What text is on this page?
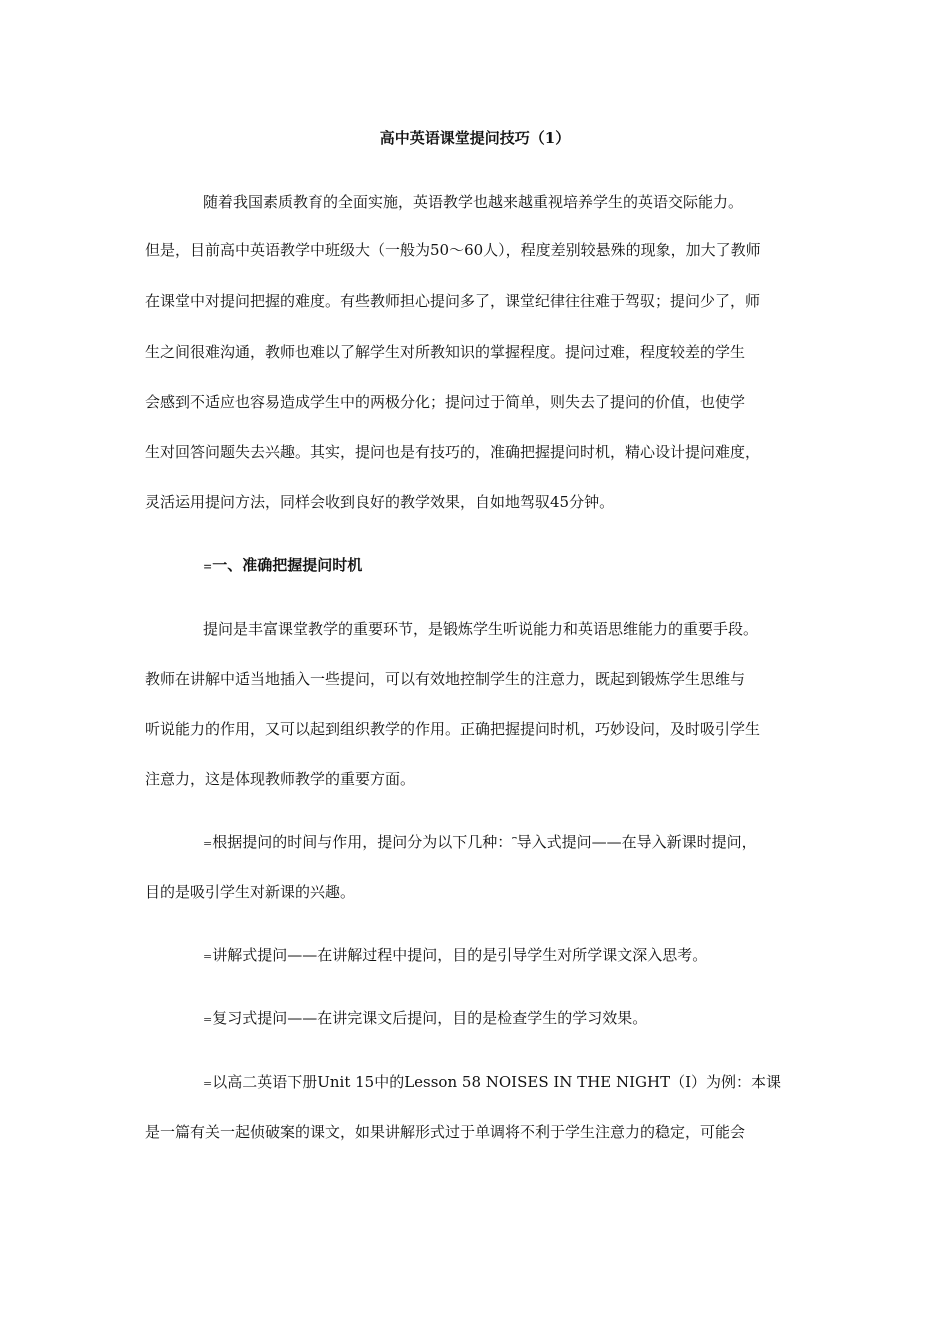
高中英语课堂提问技巧（1）
随着我国素质教育的全面实施，英语教学也越来越重视培养学生的英语交际能力。
但是，目前高中英语教学中班级大（一般为50～60人），程度差别较悬殊的现象，加大了教师
在课堂中对提问把握的难度。有些教师担心提问多了，课堂纪律往往难于驾驭；提问少了，师
生之间很难沟通，教师也难以了解学生对所教知识的掌握程度。提问过难，程度较差的学生
会感到不适应也容易造成学生中的两极分化；提问过于简单，则失去了提问的价值，也使学
生对回答问题失去兴趣。其实，提问也是有技巧的，准确把握提问时机，精心设计提问难度，
灵活运用提问方法，同样会收到良好的教学效果，自如地驾驭45分钟。
=一、准确把握提问时机
提问是丰富课堂教学的重要环节，是锻炼学生听说能力和英语思维能力的重要手段。
教师在讲解中适当地插入一些提问，可以有效地控制学生的注意力，既起到锻炼学生思维与
听说能力的作用，又可以起到组织教学的作用。正确把握提问时机，巧妙设问，及时吸引学生
注意力，这是体现教师教学的重要方面。
=根据提问的时间与作用，提问分为以下几种：⎴导入式提问——在导入新课时提问，
目的是吸引学生对新课的兴趣。
=讲解式提问——在讲解过程中提问，目的是引导学生对所学课文深入思考。
=复习式提问——在讲完课文后提问，目的是检查学生的学习效果。
=以高二英语下册Unit 15中的Lesson 58 NOISES IN THE NIGHT（Ⅰ）为例：本课
是一篇有关一起侦破案的课文，如果讲解形式过于单调将不利于学生注意力的稳定，可能会
